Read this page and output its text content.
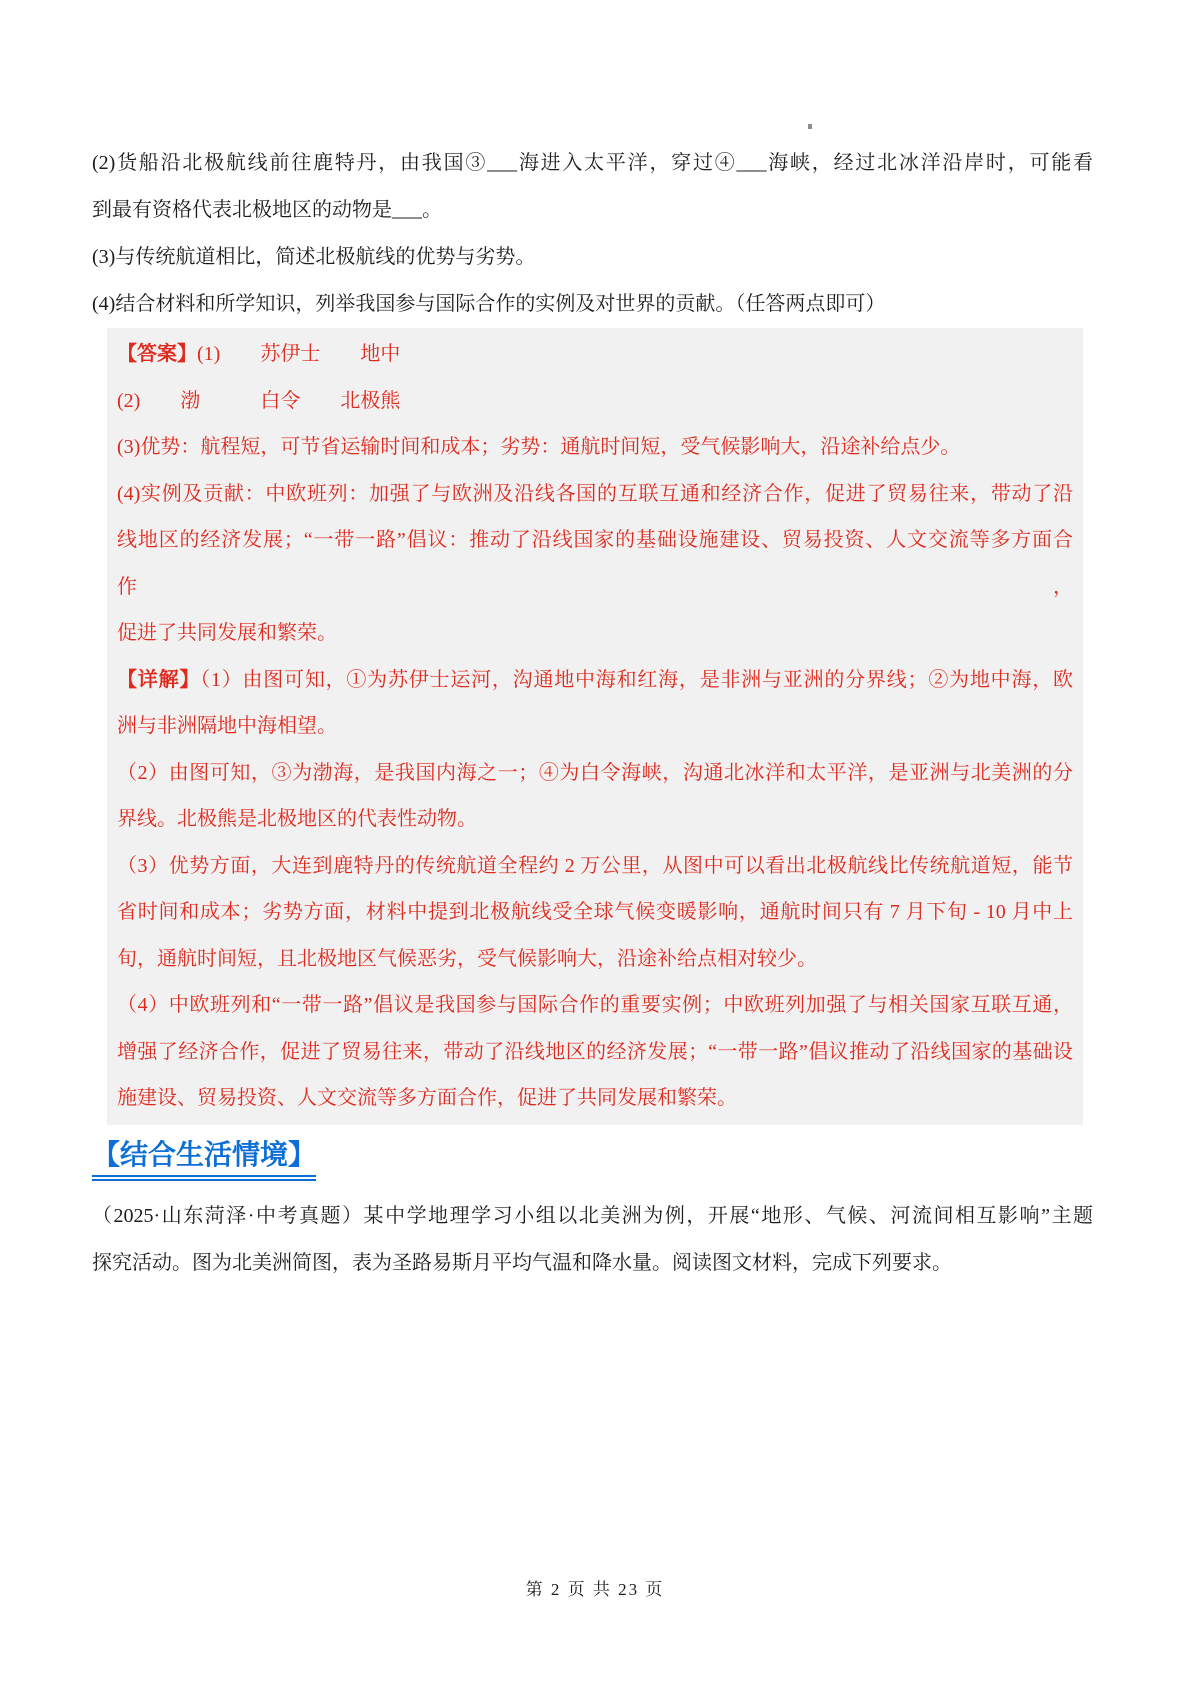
(2)货船沿北极航线前往鹿特丹，由我国③___海进入太平洋，穿过④___海峡，经过北冰洋沿岸时，可能看
到最有资格代表北极地区的动物是___。
(3)与传统航道相比，简述北极航线的优势与劣势。
(4)结合材料和所学知识，列举我国参与国际合作的实例及对世界的贡献。（任答两点即可）
【答案】(1)　　苏伊士　　地中
(2)　　渤　　　白令　　北极熊
(3)优势：航程短，可节省运输时间和成本；劣势：通航时间短，受气候影响大，沿途补给点少。
(4)实例及贡献：中欧班列：加强了与欧洲及沿线各国的互联互通和经济合作，促进了贸易往来，带动了沿
线地区的经济发展；“一带一路”倡议：推动了沿线国家的基础设施建设、贸易投资、人文交流等多方面合作，
促进了共同发展和繁荣。
【详解】（1）由图可知，①为苏伊士运河，沟通地中海和红海，是非洲与亚洲的分界线；②为地中海，欧
洲与非洲隔地中海相望。
（2）由图可知，③为渤海，是我国内海之一；④为白令海峡，沟通北冰洋和太平洋，是亚洲与北美洲的分
界线。北极熊是北极地区的代表性动物。
（3）优势方面，大连到鹿特丹的传统航道全程约 2 万公里，从图中可以看出北极航线比传统航道短，能节
省时间和成本；劣势方面，材料中提到北极航线受全球气候变暖影响，通航时间只有 7 月下旬 - 10 月中上
旬，通航时间短，且北极地区气候恶劣，受气候影响大，沿途补给点相对较少。
（4）中欧班列和“一带一路”倡议是我国参与国际合作的重要实例；中欧班列加强了与相关国家互联互通，
增强了经济合作，促进了贸易往来，带动了沿线地区的经济发展；“一带一路”倡议推动了沿线国家的基础设
施建设、贸易投资、人文交流等多方面合作，促进了共同发展和繁荣。
【结合生活情境】
（2025·山东菏泽·中考真题）某中学地理学习小组以北美洲为例，开展“地形、气候、河流间相互影响”主题
探究活动。图为北美洲简图，表为圣路易斯月平均气温和降水量。阅读图文材料，完成下列要求。
第 2 页 共 23 页
